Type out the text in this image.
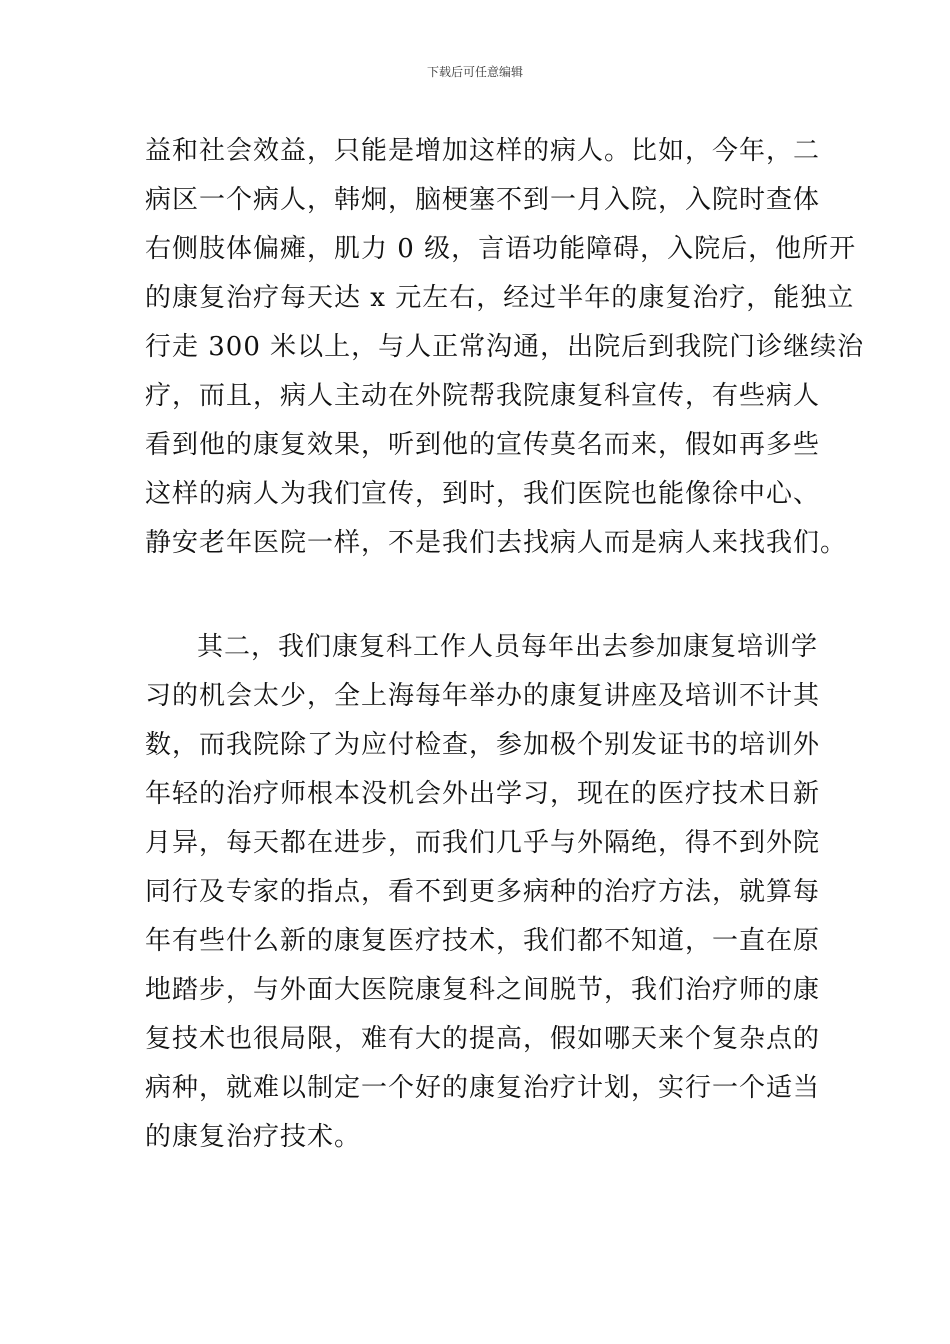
下载后可任意编辑
益和社会效益，只能是增加这样的病人。比如，今年，二
病区一个病人，韩炯，脑梗塞不到一月入院，入院时查体
右侧肢体偏瘫，肌力 0 级，言语功能障碍，入院后，他所开
的康复治疗每天达 x 元左右，经过半年的康复治疗，能独立
行走 300 米以上，与人正常沟通，出院后到我院门诊继续治
疗，而且，病人主动在外院帮我院康复科宣传，有些病人
看到他的康复效果，听到他的宣传莫名而来，假如再多些
这样的病人为我们宣传，到时，我们医院也能像徐中心、
静安老年医院一样，不是我们去找病人而是病人来找我们。
其二，我们康复科工作人员每年出去参加康复培训学
习的机会太少，全上海每年举办的康复讲座及培训不计其
数，而我院除了为应付检查，参加极个别发证书的培训外
年轻的治疗师根本没机会外出学习，现在的医疗技术日新
月异，每天都在进步，而我们几乎与外隔绝，得不到外院
同行及专家的指点，看不到更多病种的治疗方法，就算每
年有些什么新的康复医疗技术，我们都不知道，一直在原
地踏步，与外面大医院康复科之间脱节，我们治疗师的康
复技术也很局限，难有大的提高，假如哪天来个复杂点的
病种，就难以制定一个好的康复治疗计划，实行一个适当
的康复治疗技术。
